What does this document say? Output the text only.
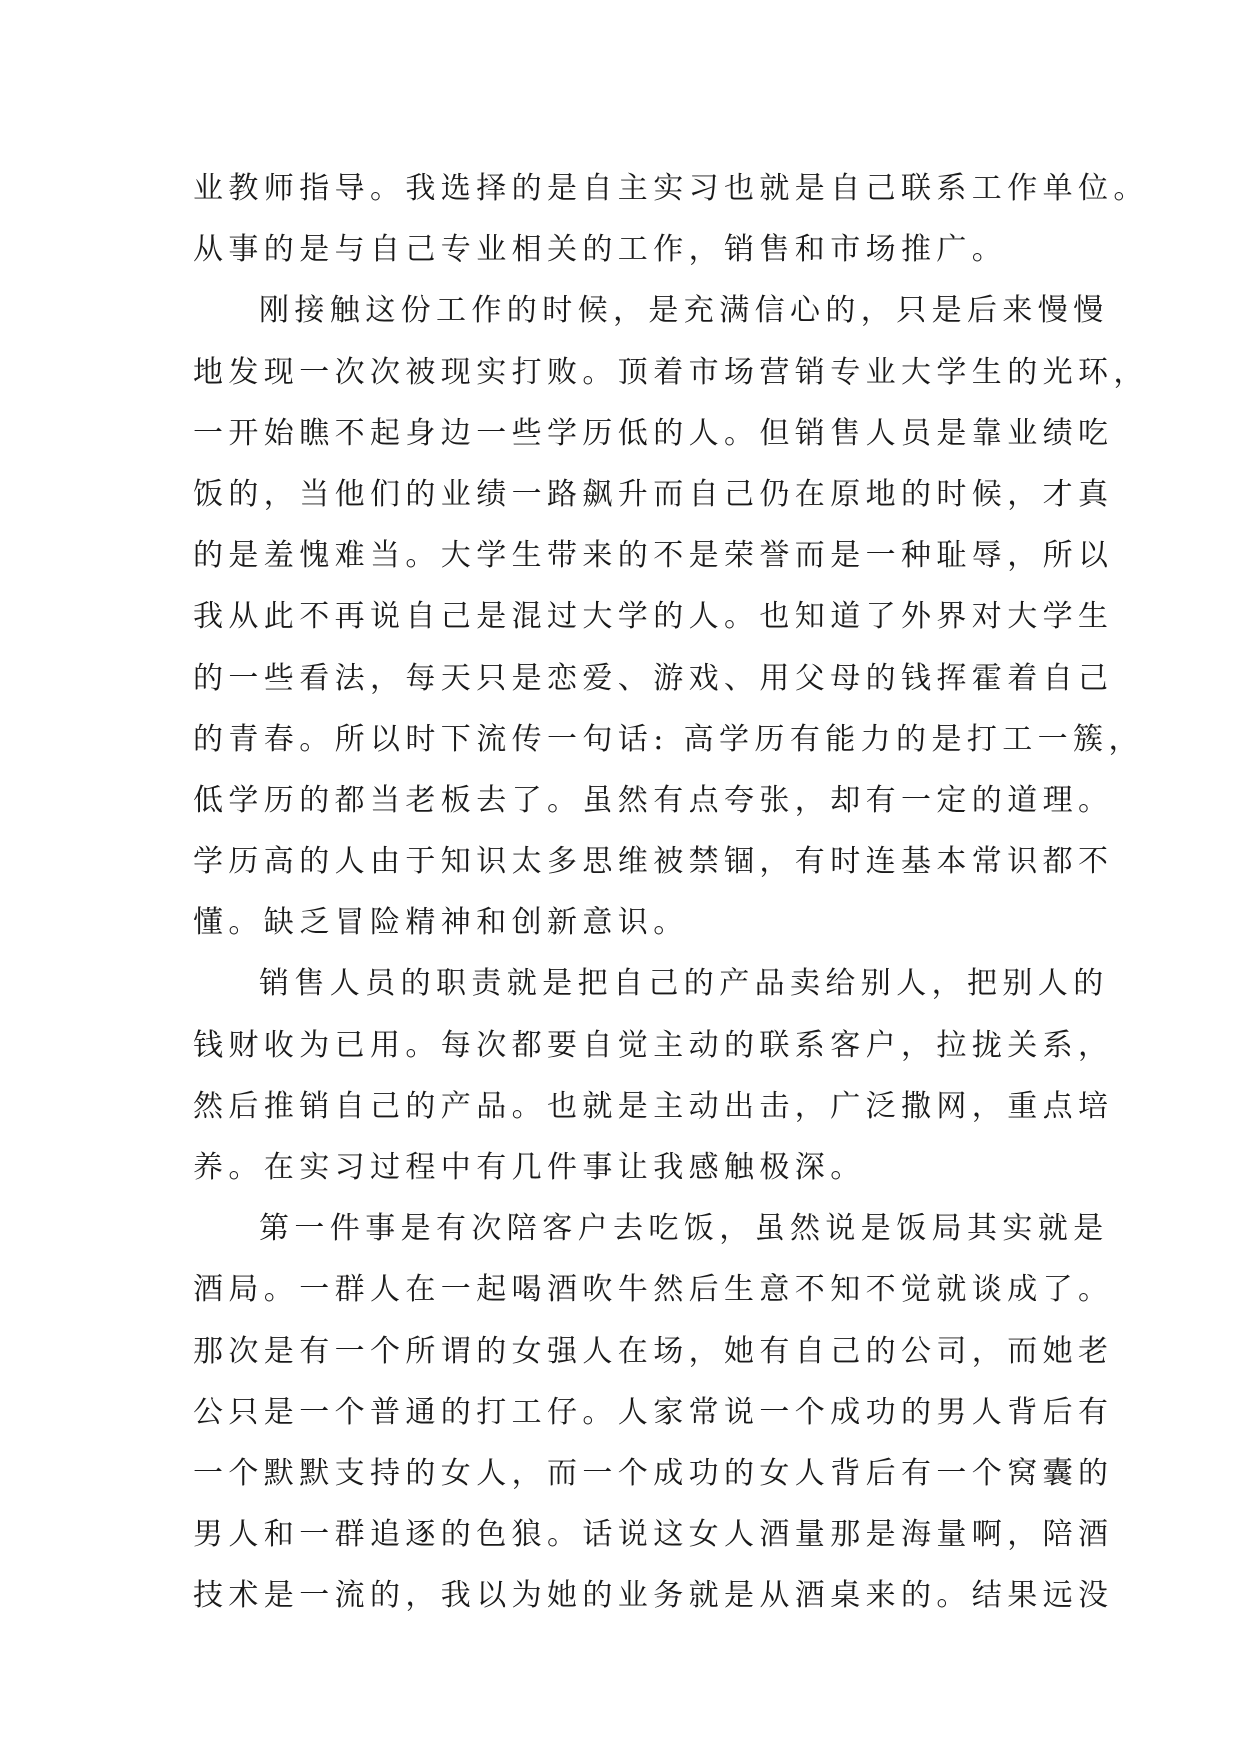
业教师指导。我选择的是自主实习也就是自己联系工作单位。
从事的是与自己专业相关的工作，销售和市场推广。
刚接触这份工作的时候，是充满信心的，只是后来慢慢
地发现一次次被现实打败。顶着市场营销专业大学生的光环，
一开始瞧不起身边一些学历低的人。但销售人员是靠业绩吃
饭的，当他们的业绩一路飙升而自己仍在原地的时候，才真
的是羞愧难当。大学生带来的不是荣誉而是一种耻辱，所以
我从此不再说自己是混过大学的人。也知道了外界对大学生
的一些看法，每天只是恋爱、游戏、用父母的钱挥霍着自己
的青春。所以时下流传一句话: 高学历有能力的是打工一簇，
低学历的都当老板去了。虽然有点夸张，却有一定的道理。
学历高的人由于知识太多思维被禁锢，有时连基本常识都不
懂。缺乏冒险精神和创新意识。
销售人员的职责就是把自己的产品卖给别人，把别人的
钱财收为已用。每次都要自觉主动的联系客户，拉拢关系，
然后推销自己的产品。也就是主动出击，广泛撒网，重点培
养。在实习过程中有几件事让我感触极深。
第一件事是有次陪客户去吃饭，虽然说是饭局其实就是
酒局。一群人在一起喝酒吹牛然后生意不知不觉就谈成了。
那次是有一个所谓的女强人在场，她有自己的公司，而她老
公只是一个普通的打工仔。人家常说一个成功的男人背后有
一个默默支持的女人，而一个成功的女人背后有一个窝囊的
男人和一群追逐的色狼。话说这女人酒量那是海量啊，陪酒
技术是一流的，我以为她的业务就是从酒桌来的。结果远没
